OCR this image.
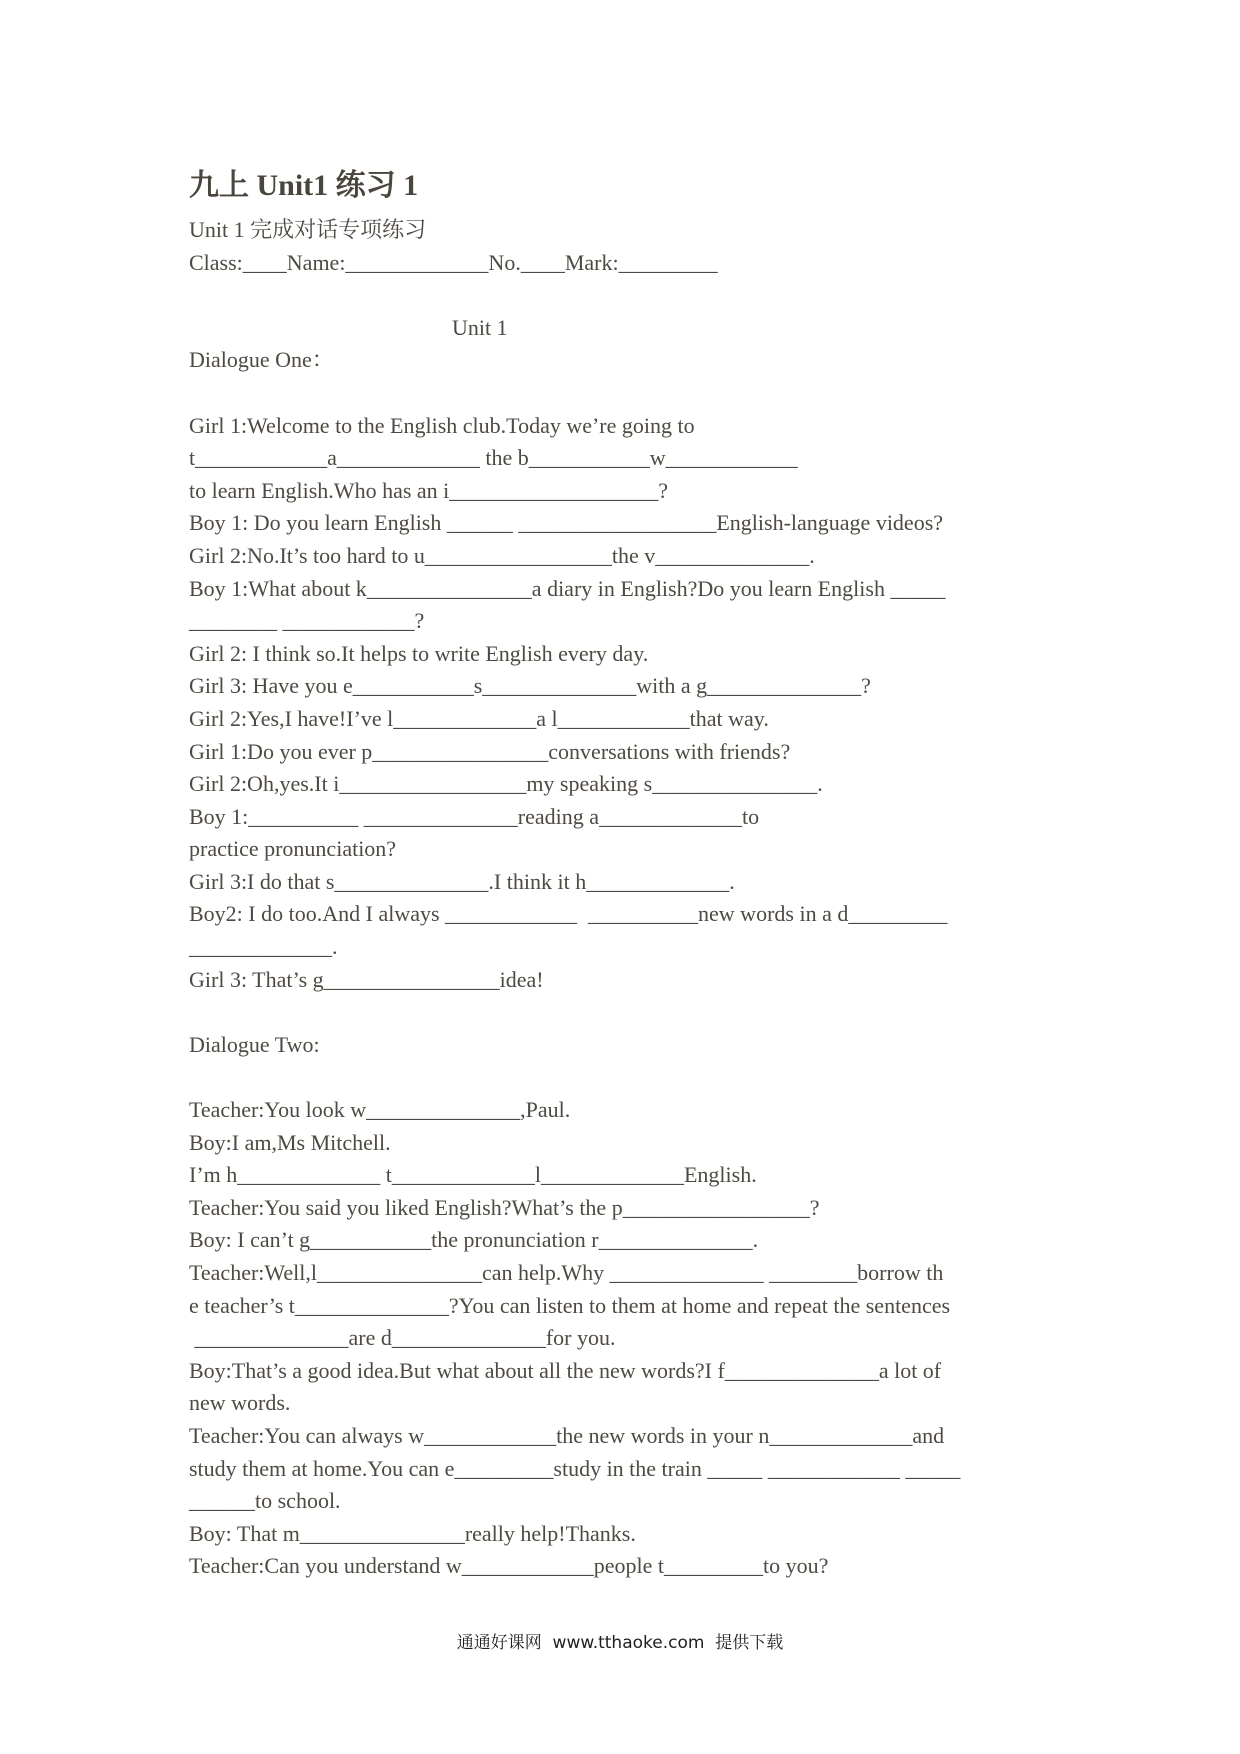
九上 Unit1 练习 1
Unit 1 完成对话专项练习
Class:____Name:_____________No.____Mark:_________
Unit 1
Dialogue One：
Girl 1:Welcome to the English club.Today we’re going to
t____________a_____________ the b___________w____________
to learn English.Who has an i___________________?
Boy 1: Do you learn English ______ __________________English-language videos?
Girl 2:No.It’s too hard to u_________________the v______________.
Boy 1:What about k_______________a diary in English?Do you learn English _____
________ ____________?
Girl 2: I think so.It helps to write English every day.
Girl 3: Have you e___________s______________with a g______________?
Girl 2:Yes,I have!I’ve l_____________a l____________that way.
Girl 1:Do you ever p________________conversations with friends?
Girl 2:Oh,yes.It i_________________my speaking s_______________.
Boy 1:__________ ______________reading a_____________to
practice pronunciation?
Girl 3:I do that s______________.I think it h_____________.
Boy2: I do too.And I always ____________  __________new words in a d_________
_____________.
Girl 3: That’s g________________idea!
Dialogue Two:
Teacher:You look w______________,Paul.
Boy:I am,Ms Mitchell.
I’m h_____________ t_____________l_____________English.
Teacher:You said you liked English?What’s the p_________________?
Boy: I can’t g___________the pronunciation r______________.
Teacher:Well,l_______________can help.Why ______________ ________borrow th
e teacher’s t______________?You can listen to them at home and repeat the sentences
______________are d______________for you.
Boy:That’s a good idea.But what about all the new words?I f______________a lot of
new words.
Teacher:You can always w____________the new words in your n_____________and
study them at home.You can e_________study in the train _____ ____________ _____
______to school.
Boy: That m_______________really help!Thanks.
Teacher:Can you understand w____________people t_________to you?
通通好课网  www.tthaoke.com  提供下载
